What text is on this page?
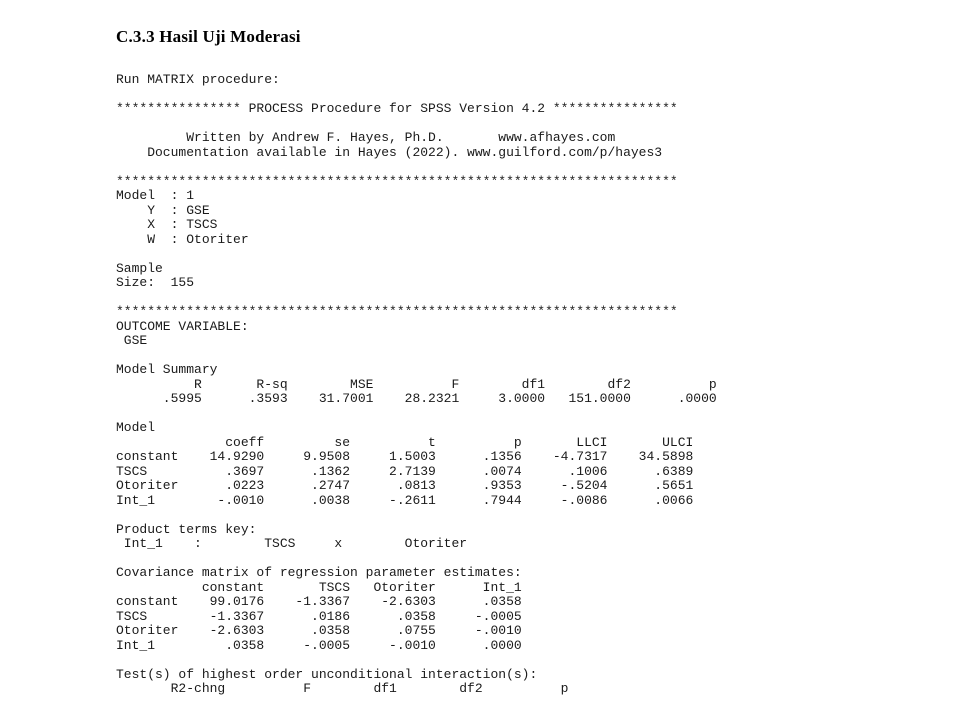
C.3.3 Hasil Uji Moderasi
Run MATRIX procedure:
**************** PROCESS Procedure for SPSS Version 4.2 ****************
Written by Andrew F. Hayes, Ph.D.       www.afhayes.com
Documentation available in Hayes (2022). www.guilford.com/p/hayes3
************************************************************************
Model  : 1
Y  : GSE
X  : TSCS
W  : Otoriter
Sample
Size:  155
************************************************************************
OUTCOME VARIABLE:
GSE
Model Summary
R       R-sq        MSE          F        df1        df2          p
.5995      .3593    31.7001    28.2321     3.0000   151.0000      .0000
Model
coeff         se          t          p       LLCI       ULCI
constant    14.9290     9.9508     1.5003      .1356    -4.7317    34.5898
TSCS          .3697      .1362     2.7139      .0074      .1006      .6389
Otoriter      .0223      .2747      .0813      .9353     -.5204      .5651
Int_1        -.0010      .0038     -.2611      .7944     -.0086      .0066
Product terms key:
Int_1    :        TSCS     x        Otoriter
Covariance matrix of regression parameter estimates:
constant       TSCS   Otoriter      Int_1
constant    99.0176    -1.3367    -2.6303      .0358
TSCS        -1.3367      .0186      .0358     -.0005
Otoriter    -2.6303      .0358      .0755     -.0010
Int_1         .0358     -.0005     -.0010      .0000
Test(s) of highest order unconditional interaction(s):
R2-chng          F        df1        df2          p
